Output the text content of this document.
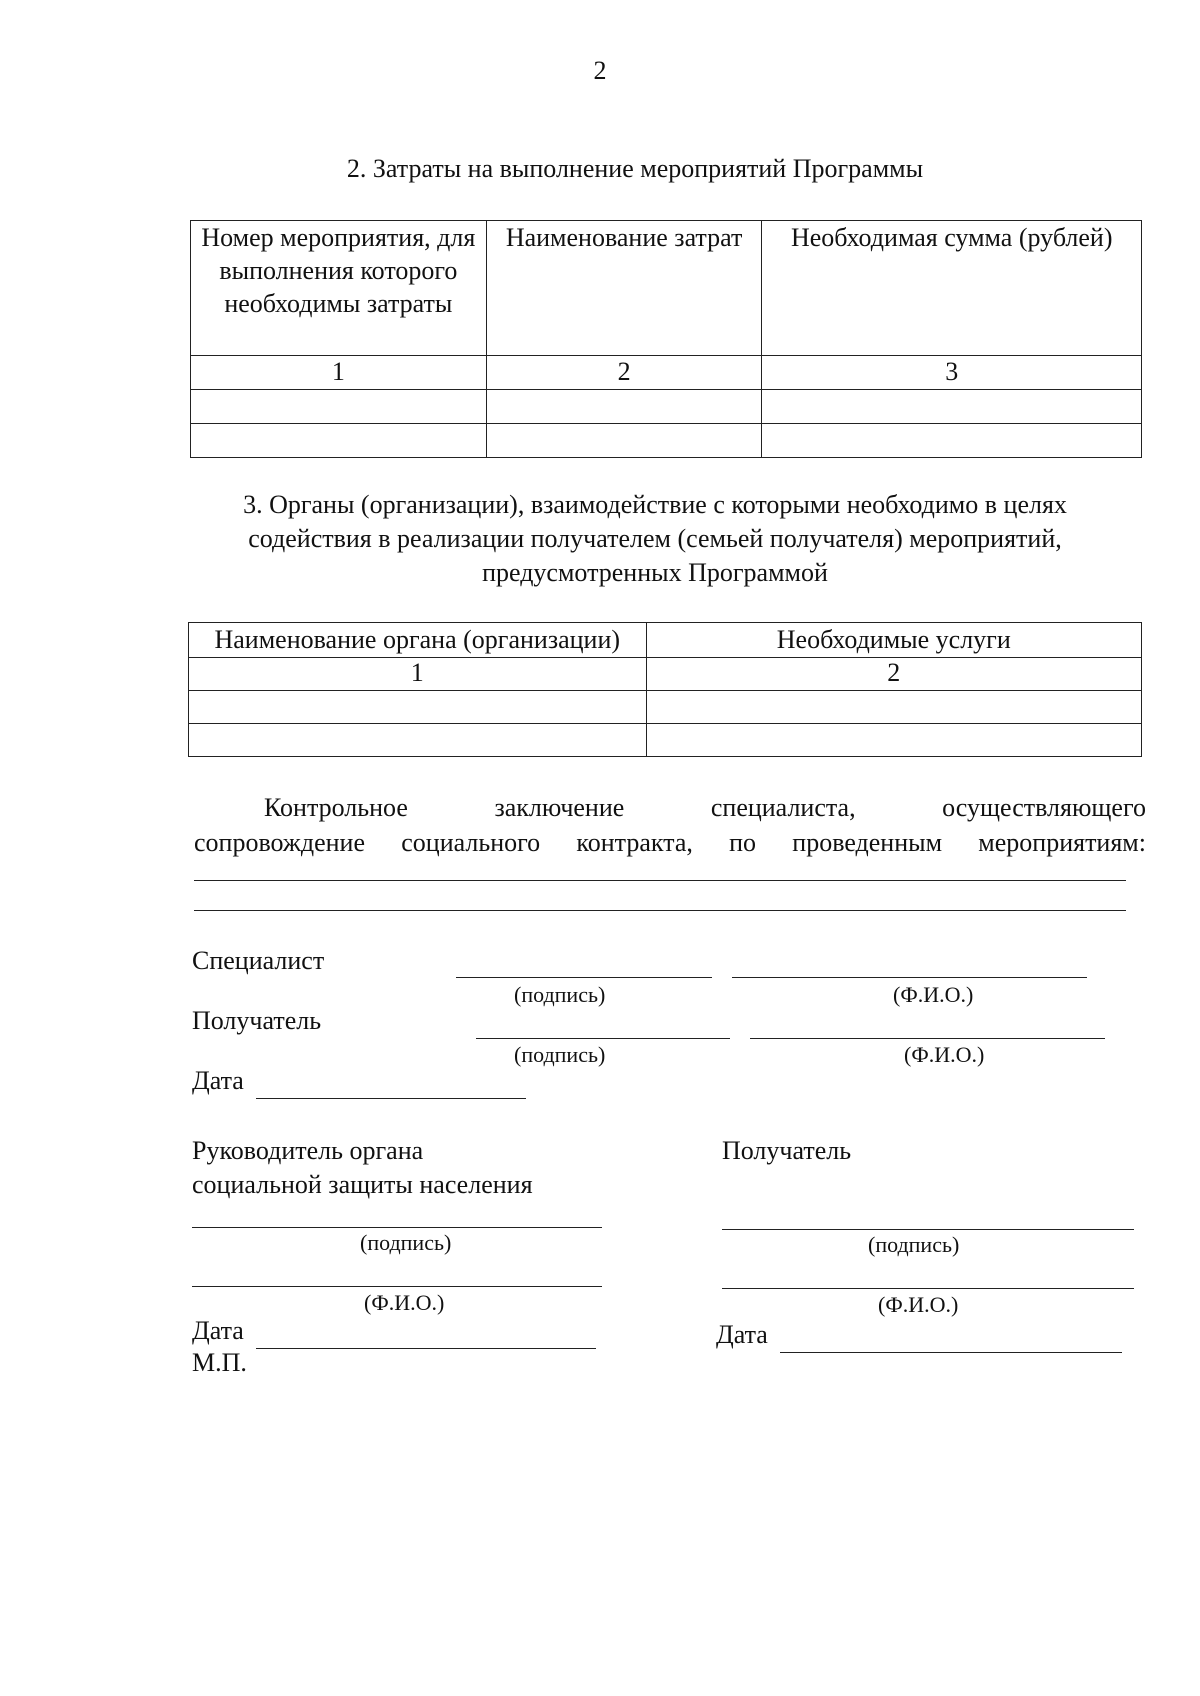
2
2. Затраты на выполнение мероприятий Программы
Номер мероприятия, для выполнения которого необходимы затраты	Наименование затрат	Необходимая сумма (рублей)
1	2	3

3. Органы (организации), взаимодействие с которыми необходимо в целях содействия в реализации получателем (семьей получателя) мероприятий, предусмотренных Программой
Наименование органа (организации)	Необходимые услуги
1	2

Контрольное заключение специалиста, осуществляющего
сопровождение социального контракта, по проведенным мероприятиям:
Специалист
(подпись)	(Ф.И.О.)
Получатель
(подпись)	(Ф.И.О.)
Дата
Руководитель органа
социальной защиты населения
(подпись)
(Ф.И.О.)
Дата
М.П.
Получатель
(подпись)
(Ф.И.О.)
Дата
